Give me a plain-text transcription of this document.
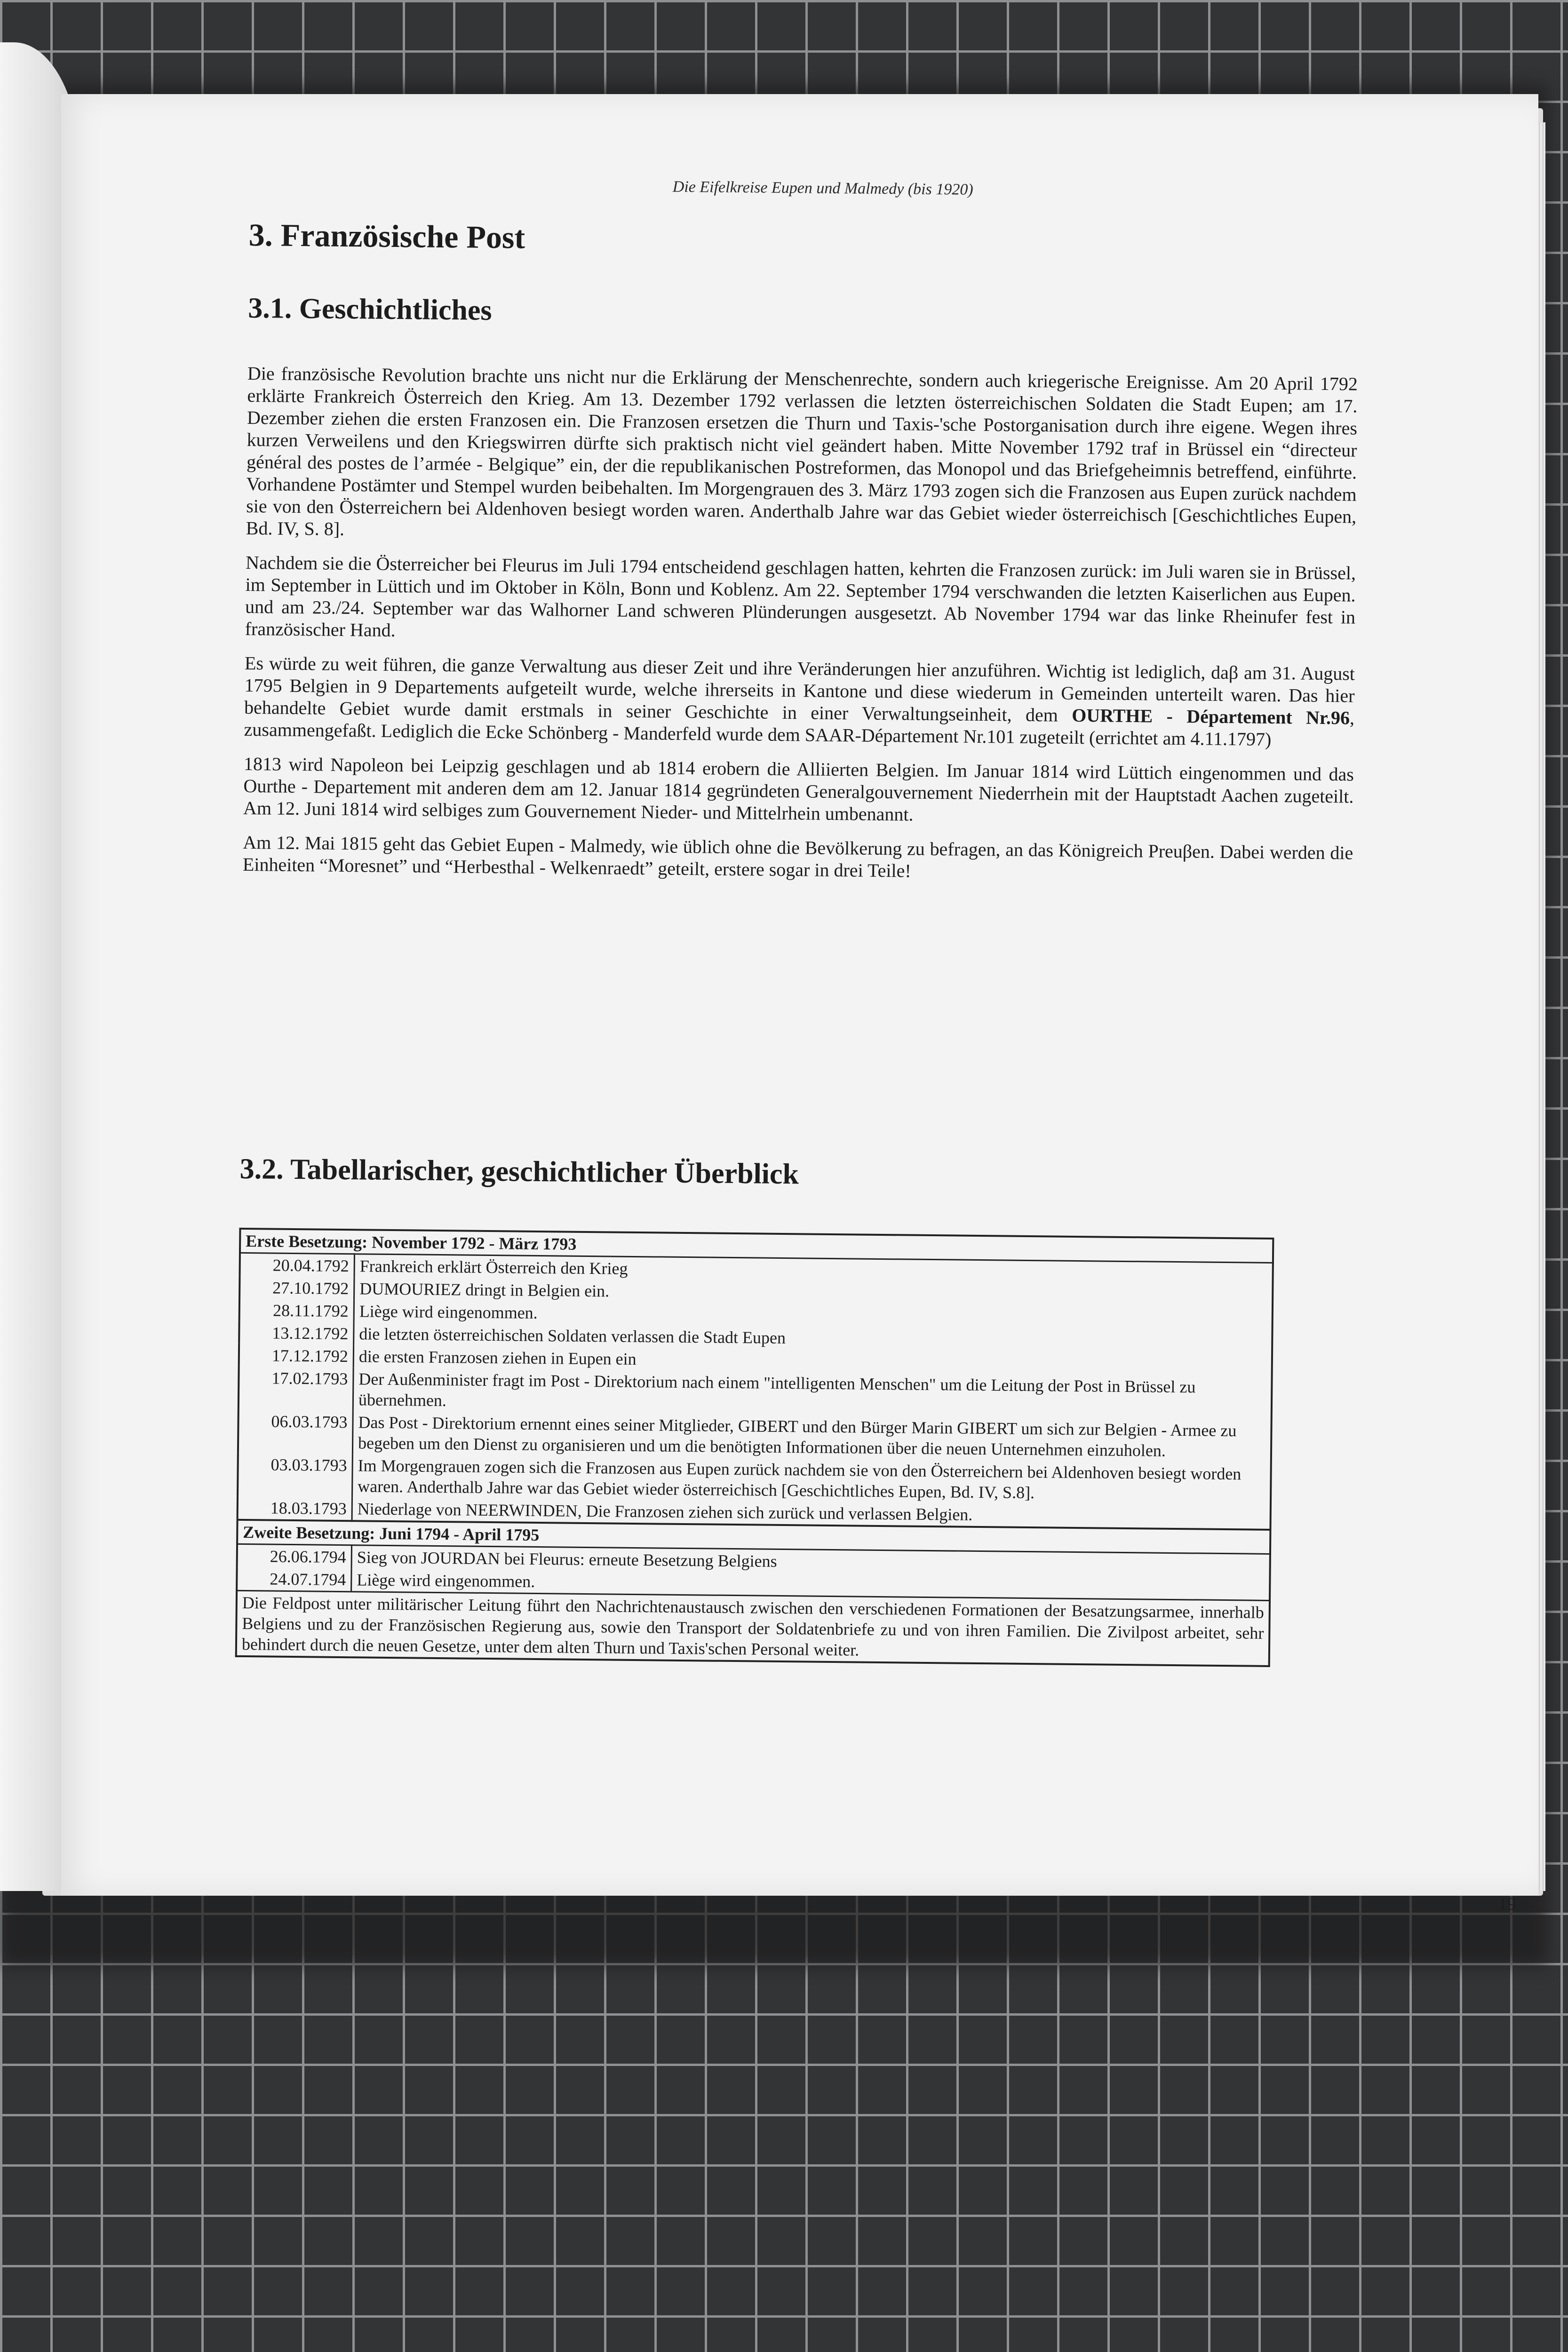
Die Eifelkreise Eupen und Malmedy (bis 1920)
3. Französische Post
3.1. Geschichtliches

Die französische Revolution brachte uns nicht nur die Erklärung der Menschenrechte, sondern auch kriegerische Ereignisse. Am 20 April 1792 erklärte Frankreich Österreich den Krieg. Am 13. Dezember 1792 verlassen die letzten österreichischen Soldaten die Stadt Eupen; am 17. Dezember ziehen die ersten Franzosen ein. Die Franzosen ersetzen die Thurn und Taxis-'sche Postorganisation durch ihre eigene. Wegen ihres kurzen Verweilens und den Kriegswirren dürfte sich praktisch nicht viel geändert haben. Mitte November 1792 traf in Brüssel ein “directeur général des postes de l’armée - Belgique” ein, der die republikanischen Postreformen, das Monopol und das Briefgeheimnis betreffend, einführte. Vorhandene Postämter und Stempel wurden beibehalten. Im Morgengrauen des 3. März 1793 zogen sich die Franzosen aus Eupen zurück nachdem sie von den Österreichern bei Aldenhoven besiegt worden waren. Anderthalb Jahre war das Gebiet wieder österreichisch [Geschichtliches Eupen, Bd. IV, S. 8].

Nachdem sie die Österreicher bei Fleurus im Juli 1794 entscheidend geschlagen hatten, kehrten die Franzosen zurück: im Juli waren sie in Brüssel, im September in Lüttich und im Oktober in Köln, Bonn und Koblenz. Am 22. September 1794 verschwanden die letzten Kaiserlichen aus Eupen. und am 23./24. September war das Walhorner Land schweren Plünderungen ausgesetzt. Ab November 1794 war das linke Rheinufer fest in französischer Hand.

Es würde zu weit führen, die ganze Verwaltung aus dieser Zeit und ihre Veränderungen hier anzuführen. Wichtig ist lediglich, daβ am 31. August 1795 Belgien in 9 Departements aufgeteilt wurde, welche ihrerseits in Kantone und diese wiederum in Gemeinden unterteilt waren. Das hier behandelte Gebiet wurde damit erstmals in seiner Geschichte in einer Verwaltungseinheit, dem OURTHE - Département Nr.96, zusammengefaßt. Lediglich die Ecke Schönberg - Manderfeld wurde dem SAAR-Département Nr.101 zugeteilt (errichtet am 4.11.1797)

1813 wird Napoleon bei Leipzig geschlagen und ab 1814 erobern die Alliierten Belgien. Im Januar 1814 wird Lüttich eingenommen und das Ourthe - Departement mit anderen dem am 12. Januar 1814 gegründeten Generalgouvernement Niederrhein mit der Hauptstadt Aachen zugeteilt. Am 12. Juni 1814 wird selbiges zum Gouvernement Nieder- und Mittelrhein umbenannt.

Am 12. Mai 1815 geht das Gebiet Eupen - Malmedy, wie üblich ohne die Bevölkerung zu befragen, an das Königreich Preuβen. Dabei werden die Einheiten “Moresnet” und “Herbesthal - Welkenraedt” geteilt, erstere sogar in drei Teile!

3.2. Tabellarischer, geschichtlicher Überblick
Erste Besetzung: November 1792 - März 1793	
20.04.1792	Frankreich erklärt Österreich den Krieg
27.10.1792	DUMOURIEZ dringt in Belgien ein.
28.11.1792	Liège wird eingenommen.
13.12.1792	die letzten österreichischen Soldaten verlassen die Stadt Eupen
17.12.1792	die ersten Franzosen ziehen in Eupen ein
17.02.1793	Der Außenminister fragt im Post - Direktorium nach einem "intelligenten Menschen" um die Leitung der Post in Brüssel zu übernehmen.
06.03.1793	Das Post - Direktorium ernennt eines seiner Mitglieder, GIBERT und den Bürger Marin GIBERT um sich zur Belgien - Armee zu begeben um den Dienst zu organisieren und um die benötigten Informationen über die neuen Unternehmen einzuholen.
03.03.1793	Im Morgengrauen zogen sich die Franzosen aus Eupen zurück nachdem sie von den Österreichern bei Aldenhoven besiegt worden waren. Anderthalb Jahre war das Gebiet wieder österreichisch [Geschichtliches Eupen, Bd. IV, S.8].
18.03.1793	Niederlage von NEERWINDEN, Die Franzosen ziehen sich zurück und verlassen Belgien.
Zweite Besetzung: Juni 1794 - April 1795	
26.06.1794	Sieg von JOURDAN bei Fleurus: erneute Besetzung Belgiens
24.07.1794	Liège wird eingenommen.
Die Feldpost unter militärischer Leitung führt den Nachrichtenaustausch zwischen den verschiedenen Formationen der Besatzungsarmee, innerhalb Belgiens und zu der Französischen Regierung aus, sowie den Transport der Soldatenbriefe zu und von ihren Familien. Die Zivilpost arbeitet, sehr behindert durch die neuen Gesetze, unter dem alten Thurn und Taxis'schen Personal weiter.	
19
